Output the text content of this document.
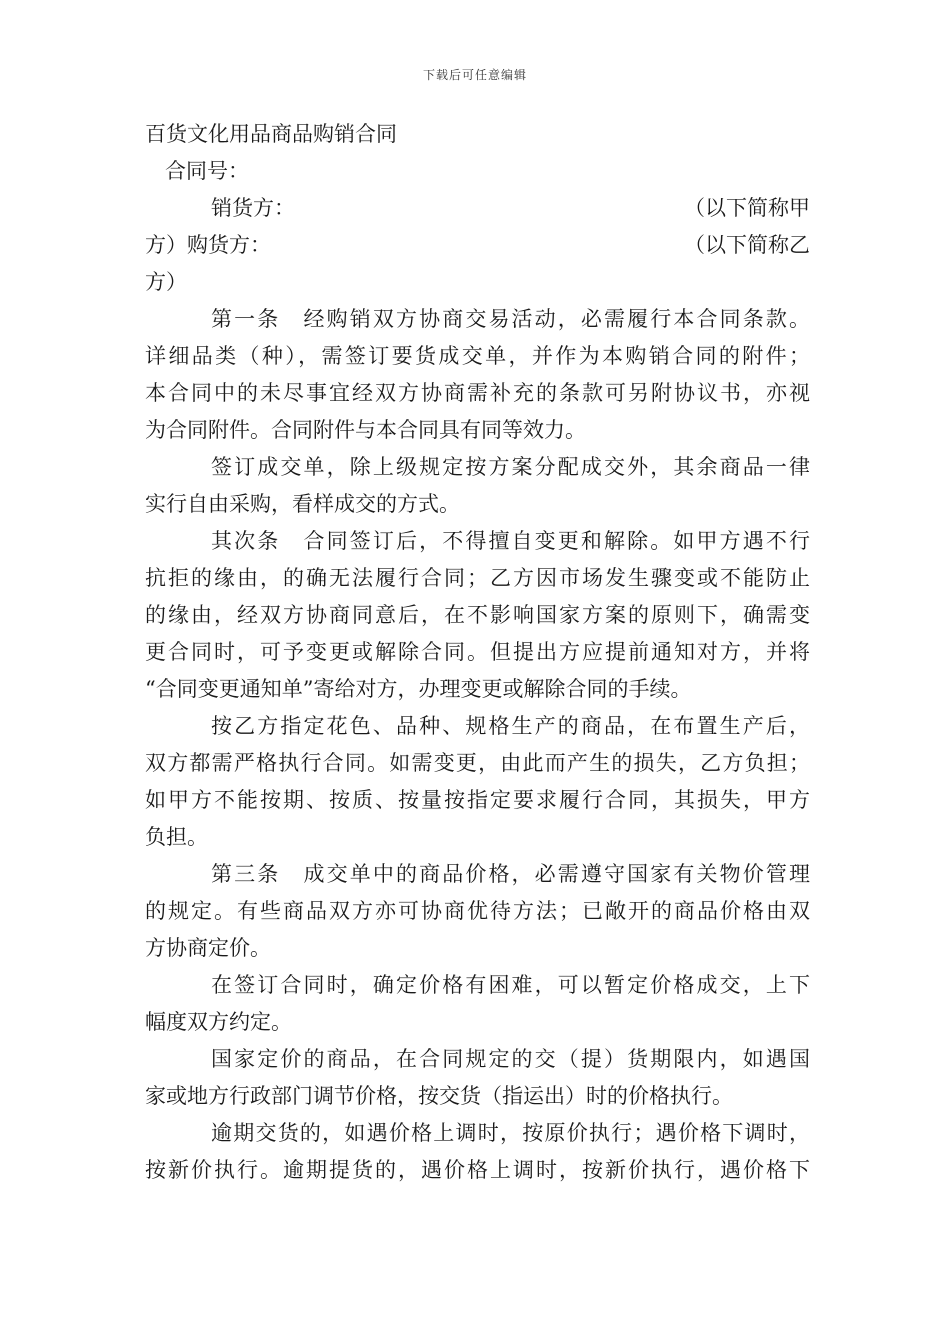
下载后可任意编辑
百货文化用品商品购销合同
合同号：
销货方：	（以下简称甲
方）购货方：	（以下简称乙
方）
第一条　经购销双方协商交易活动，必需履行本合同条款。
详细品类（种），需签订要货成交单，并作为本购销合同的附件；
本合同中的未尽事宜经双方协商需补充的条款可另附协议书，亦视
为合同附件。合同附件与本合同具有同等效力。
签订成交单，除上级规定按方案分配成交外，其余商品一律
实行自由采购，看样成交的方式。
其次条　合同签订后，不得擅自变更和解除。如甲方遇不行
抗拒的缘由，的确无法履行合同；乙方因市场发生骤变或不能防止
的缘由，经双方协商同意后，在不影响国家方案的原则下，确需变
更合同时，可予变更或解除合同。但提出方应提前通知对方，并将
“合同变更通知单”寄给对方，办理变更或解除合同的手续。
按乙方指定花色、品种、规格生产的商品，在布置生产后，
双方都需严格执行合同。如需变更，由此而产生的损失，乙方负担；
如甲方不能按期、按质、按量按指定要求履行合同，其损失，甲方
负担。
第三条　成交单中的商品价格，必需遵守国家有关物价管理
的规定。有些商品双方亦可协商优待方法；已敞开的商品价格由双
方协商定价。
在签订合同时，确定价格有困难，可以暂定价格成交，上下
幅度双方约定。
国家定价的商品，在合同规定的交（提）货期限内，如遇国
家或地方行政部门调节价格，按交货（指运出）时的价格执行。
逾期交货的，如遇价格上调时，按原价执行；遇价格下调时，
按新价执行。逾期提货的，遇价格上调时，按新价执行，遇价格下
